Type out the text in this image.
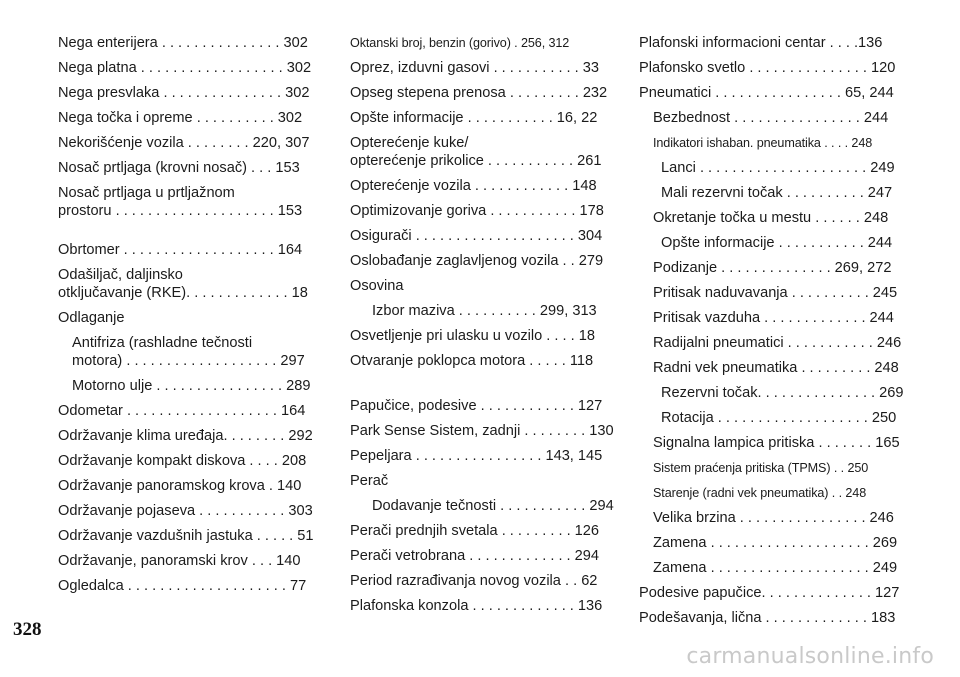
Nega enterijera . . . . . . . . . . . . . . . 302
Nega platna . . . . . . . . . . . . . . . . . . 302
Nega presvlaka . . . . . . . . . . . . . . . 302
Nega točka i opreme . . . . . . . . . . 302
Nekorišćenje vozila . . . . . . . . 220, 307
Nosač prtljaga (krovni nosač) . . . 153
Nosač prtljaga u prtljažnom
prostoru . . . . . . . . . . . . . . . . . . . . 153
Obrtomer . . . . . . . . . . . . . . . . . . . 164
Odašiljač, daljinsko
otključavanje (RKE). . . . . . . . . . . . . 18
Odlaganje
Antifriza (rashladne tečnosti
motora) . . . . . . . . . . . . . . . . . . . 297
Motorno ulje . . . . . . . . . . . . . . . . 289
Odometar . . . . . . . . . . . . . . . . . . . 164
Održavanje klima uređaja. . . . . . . . 292
Održavanje kompakt diskova . . . . 208
Održavanje panoramskog krova . 140
Održavanje pojaseva . . . . . . . . . . . 303
Održavanje vazdušnih jastuka . . . . . 51
Održavanje, panoramski krov . . . 140
Ogledalca . . . . . . . . . . . . . . . . . . . . 77
Oktanski broj, benzin (gorivo) . 256, 312
Oprez, izduvni gasovi . . . . . . . . . . . 33
Opseg stepena prenosa . . . . . . . . . 232
Opšte informacije . . . . . . . . . . . 16, 22
Opterećenje kuke/
opterećenje prikolice . . . . . . . . . . . 261
Opterećenje vozila . . . . . . . . . . . . 148
Optimizovanje goriva . . . . . . . . . . . 178
Osigurači . . . . . . . . . . . . . . . . . . . . 304
Oslobađanje zaglavljenog vozila . . 279
Osovina
Izbor maziva . . . . . . . . . . 299, 313
Osvetljenje pri ulasku u vozilo . . . . 18
Otvaranje poklopca motora . . . . . 118
Papučice, podesive . . . . . . . . . . . . 127
Park Sense Sistem, zadnji . . . . . . . . 130
Pepeljara . . . . . . . . . . . . . . . . 143, 145
Perač
Dodavanje tečnosti . . . . . . . . . . . 294
Perači prednjih svetala . . . . . . . . . 126
Perači vetrobrana . . . . . . . . . . . . . 294
Period razrađivanja novog vozila . . 62
Plafonska konzola . . . . . . . . . . . . . 136
Plafonski informacioni centar . . . .136
Plafonsko svetlo . . . . . . . . . . . . . . . 120
Pneumatici . . . . . . . . . . . . . . . . 65, 244
Bezbednost . . . . . . . . . . . . . . . . 244
Indikatori ishaban. pneumatika . . . . 248
Lanci . . . . . . . . . . . . . . . . . . . . . 249
Mali rezervni točak . . . . . . . . . . 247
Okretanje točka u mestu . . . . . . 248
Opšte informacije . . . . . . . . . . . 244
Podizanje . . . . . . . . . . . . . . 269, 272
Pritisak naduvavanja . . . . . . . . . . 245
Pritisak vazduha . . . . . . . . . . . . . 244
Radijalni pneumatici . . . . . . . . . . . 246
Radni vek pneumatika . . . . . . . . . 248
Rezervni točak. . . . . . . . . . . . . . . 269
Rotacija . . . . . . . . . . . . . . . . . . . 250
Signalna lampica pritiska . . . . . . . 165
Sistem praćenja pritiska (TPMS) . . 250
Starenje (radni vek pneumatika) . . 248
Velika brzina . . . . . . . . . . . . . . . . 246
Zamena . . . . . . . . . . . . . . . . . . . . 269
Zamena . . . . . . . . . . . . . . . . . . . . 249
Podesive papučice. . . . . . . . . . . . . . 127
Podešavanja, lična . . . . . . . . . . . . . 183
328
carmanualsonline.info
